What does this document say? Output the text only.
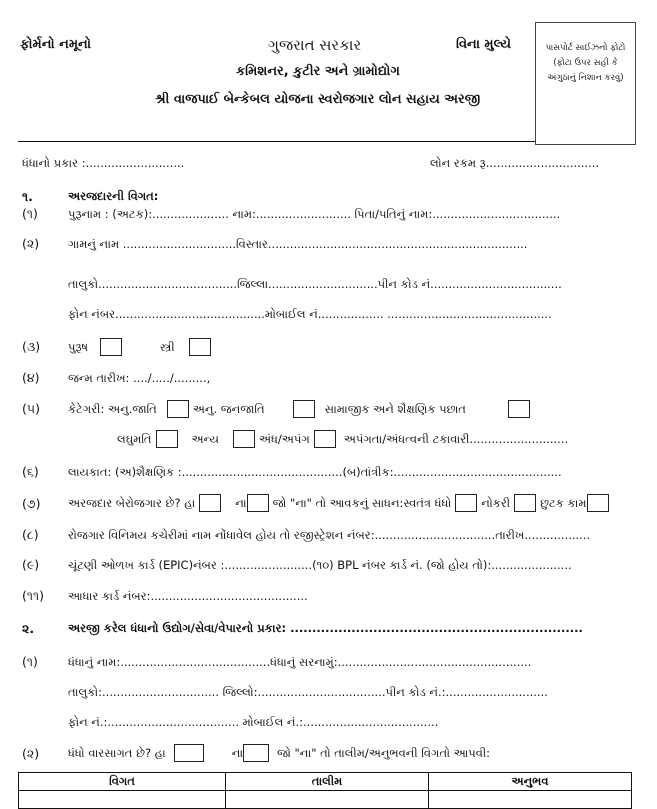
ફોર્મનો નમૂનો	ગુજરાત સરકાર	વિના મુલ્યે
કમિશનર, કુટીર અને ગ્રામોદ્યોગ
શ્રી વાજપાઈ બેન્કેબલ યોજના સ્વરોજગાર લોન સહાય અરજી
પાસપોર્ટ સાઈઝનો ફોટો
(ફોટા ઉપર સહી કે
અંગુઠાનું નિશાન કરવું)
ધંધાનો પ્રકાર :...........................	લોન રકમ રૂ...............................
૧.	અરજદારની વિગત:
(૧)	પુરૂનામ : (અટક):..................... નામ:.......................... પિતા/પતિનું નામ:...................................
(૨)	ગામનું નામ ...............................વિસ્તાર.......................................................................
તાલુકો......................................જિલ્લા..............................પીન કોડ નં....................................
ફોન નંબર.........................................મોબાઈલ નં.................. .............................................
(૩) પુરૂષ	સ્ત્રી
(૪) જન્મ તારીખ: ..../...../.........,
(૫) કેટેગરી: અનુ.જાતિ	અનુ. જનજાતિ	સામાજીક અને શૈક્ષણિક પછાત
લઘુમતિ	અન્ય	અંધ/અપંગ	અપંગતા/અંધત્વની ટકાવારી...........................
(૬)	લાયકાત: (અ)શૈક્ષણિક :............................................(બ)તાંત્રીક:..............................................
(૭) અરજદાર બેરોજગાર છે? હા	ના જો "ના" તો આવકનું સાધન:સ્વતંત્ર ધંધો	નોકરી	છુટક કામ
(૮)	રોજગાર વિનિમય કચેરીમાં નામ નોંધાવેલ હોય તો રજીસ્ટ્રેશન નંબર:.................................તારીખ..................
(૯)	ચૂંટણી ઓળખ કાર્ડ (EPIC)નંબર :........................(૧૦) BPL નંબર કાર્ડ નં. (જો હોય તો):......................
(૧૧) આધાર કાર્ડ નંબર:...........................................
૨.	અરજી કરેલ ધંધાનો ઉદ્યોગ/સેવા/વેપારનો પ્રકાર: ...................................................................
(૧)	ધંધાનું નામ:.........................................ધંધાનું સરનામું:.....................................................
તાલુકો:................................ જિલ્લો:...................................પીન કોડ નં.:............................
ફોન નં.:.................................... મોબાઈલ નં.:.....................................
(૨)	ધંધો વારસાગત છે? હા	ના	જો "ના" તો તાલીમ/અનુભવની વિગતો આપવી:
વિગત	તાલીમ	અનુભવ
